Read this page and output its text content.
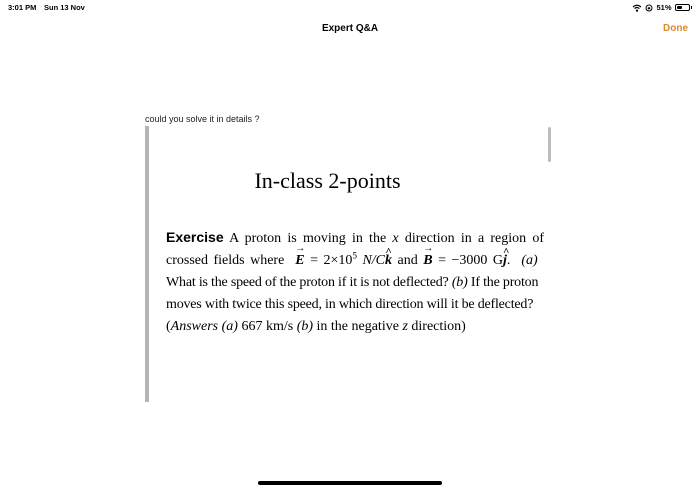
3:01 PM Sun 13 Nov	51%
Expert Q&A	Done
could you solve it in details ?
In-class 2-points
Exercise A proton is moving in the x direction in a region of
crossed fields where → $E = 2\times 10^5$ N/C^ k and → B = −3000 G^ j.  (a)
What is the speed of the proton if it is not deflected? (b) If the proton
moves with twice this speed, in which direction will it be deflected?
(Answers (a) 667 km/s (b) in the negative z direction)
